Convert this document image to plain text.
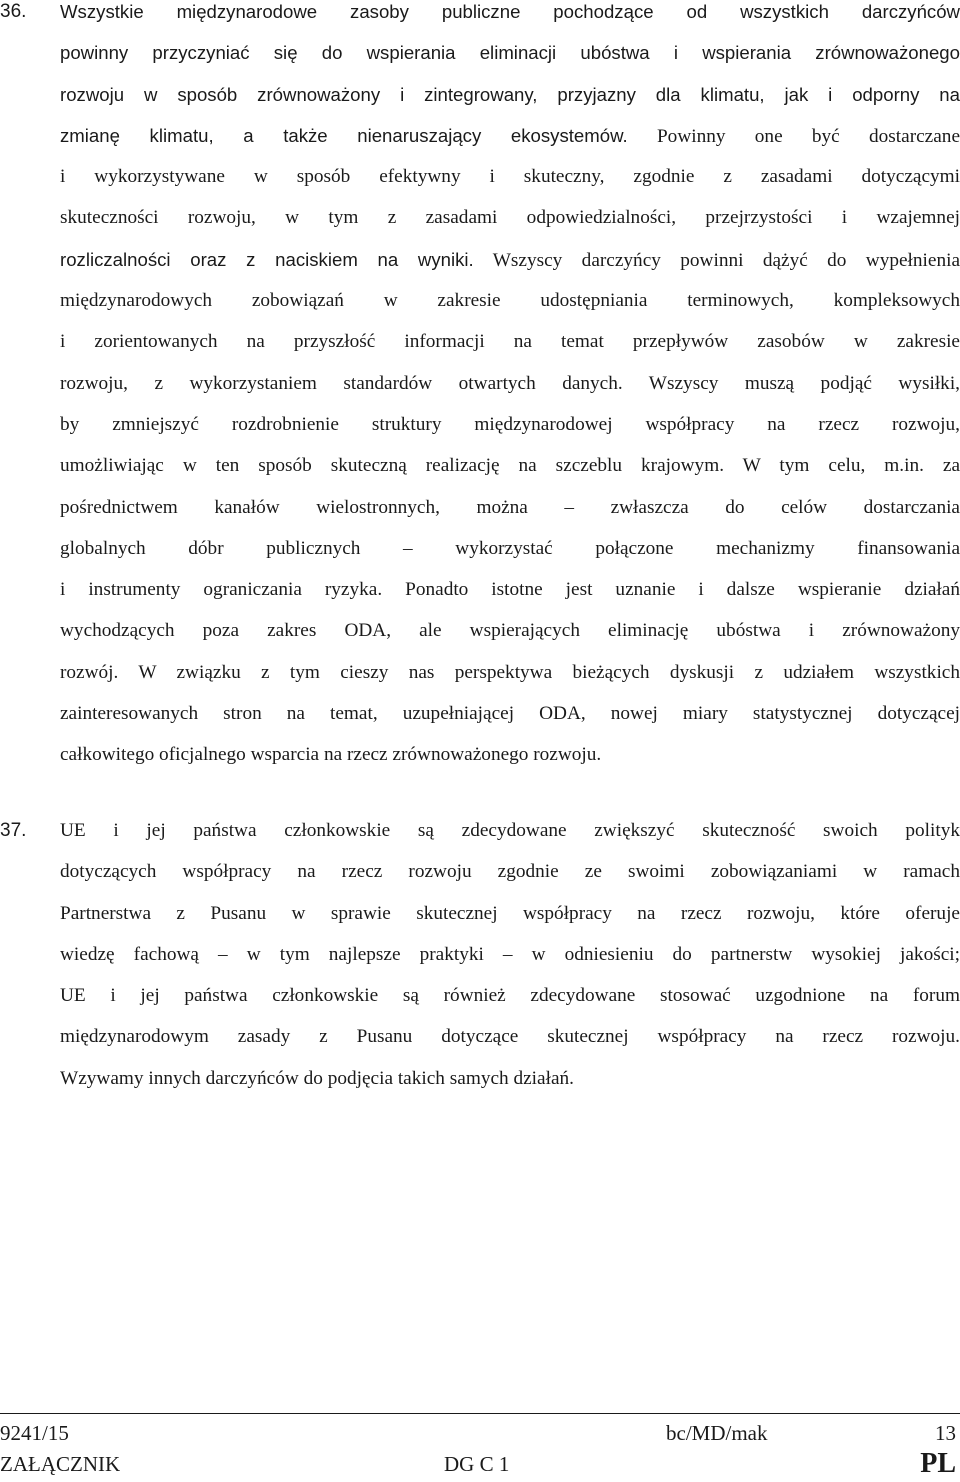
36. Wszystkie międzynarodowe zasoby publiczne pochodzące od wszystkich darczyńców
powinny przyczyniać się do wspierania eliminacji ubóstwa i wspierania zrównoważonego
rozwoju w sposób zrównoważony i zintegrowany, przyjazny dla klimatu, jak i odporny na
zmianę klimatu, a także nienaruszający ekosystemów. Powinny one być dostarczane
i wykorzystywane w sposób efektywny i skuteczny, zgodnie z zasadami dotyczącymi
skuteczności rozwoju, w tym z zasadami odpowiedzialności, przejrzystości i wzajemnej
rozliczalności oraz z naciskiem na wyniki. Wszyscy darczyńcy powinni dążyć do wypełnienia
międzynarodowych zobowiązań w zakresie udostępniania terminowych, kompleksowych
i zorientowanych na przyszłość informacji na temat przepływów zasobów w zakresie
rozwoju, z wykorzystaniem standardów otwartych danych. Wszyscy muszą podjąć wysiłki,
by zmniejszyć rozdrobnienie struktury międzynarodowej współpracy na rzecz rozwoju,
umożliwiając w ten sposób skuteczną realizację na szczeblu krajowym. W tym celu, m.in. za
pośrednictwem kanałów wielostronnych, można – zwłaszcza do celów dostarczania
globalnych dóbr publicznych – wykorzystać połączone mechanizmy finansowania
i instrumenty ograniczania ryzyka. Ponadto istotne jest uznanie i dalsze wspieranie działań
wychodzących poza zakres ODA, ale wspierających eliminację ubóstwa i zrównoważony
rozwój. W związku z tym cieszy nas perspektywa bieżących dyskusji z udziałem wszystkich
zainteresowanych stron na temat, uzupełniającej ODA, nowej miary statystycznej dotyczącej
całkowitego oficjalnego wsparcia na rzecz zrównoważonego rozwoju.
37. UE i jej państwa członkowskie są zdecydowane zwiększyć skuteczność swoich polityk
dotyczących współpracy na rzecz rozwoju zgodnie ze swoimi zobowiązaniami w ramach
Partnerstwa z Pusanu w sprawie skutecznej współpracy na rzecz rozwoju, które oferuje
wiedzę fachową – w tym najlepsze praktyki – w odniesieniu do partnerstw wysokiej jakości;
UE i jej państwa członkowskie są również zdecydowane stosować uzgodnione na forum
międzynarodowym zasady z Pusanu dotyczące skutecznej współpracy na rzecz rozwoju.
Wzywamy innych darczyńców do podjęcia takich samych działań.
9241/15	bc/MD/mak	13
ZAŁĄCZNIK	DG C 1	PL
